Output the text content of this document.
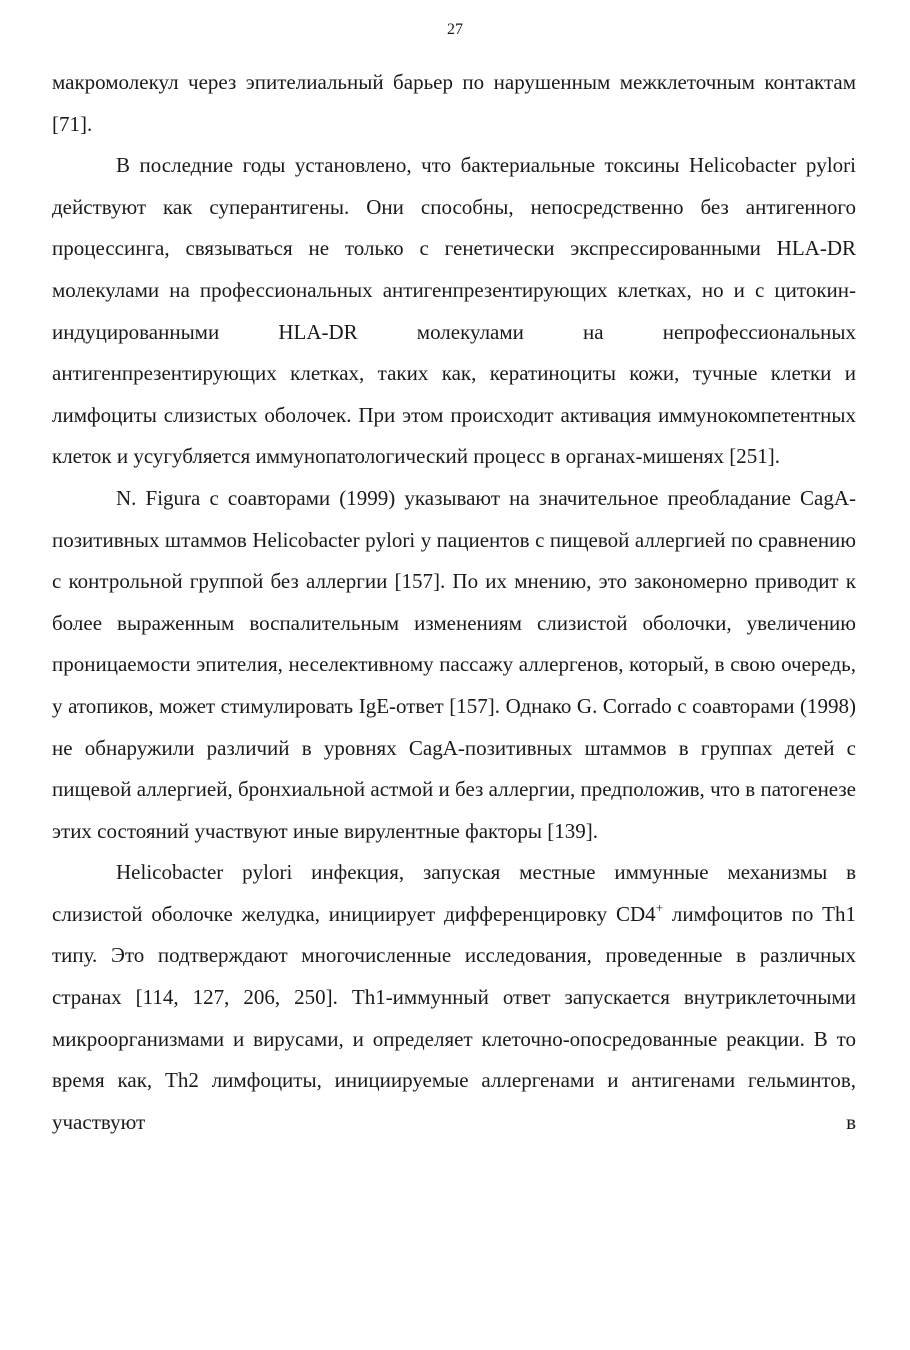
27

макромолекул через эпителиальный барьер по нарушенным межклеточным контактам [71].

В последние годы установлено, что бактериальные токсины Helicobacter pylori действуют как суперантигены. Они способны, непосредственно без антигенного процессинга, связываться не только с генетически экспрессированными HLA-DR молекулами на профессиональных антигенпрезентирующих клетках, но и с цитокин-индуцированными HLA-DR молекулами на непрофессиональных антигенпрезентирующих клетках, таких как, кератиноциты кожи, тучные клетки и лимфоциты слизистых оболочек. При этом происходит активация иммунокомпетентных клеток и усугубляется иммунопатологический процесс в органах-мишенях [251].

N. Figura с соавторами (1999) указывают на значительное преобладание CagA-позитивных штаммов Helicobacter pylori у пациентов с пищевой аллергией по сравнению с контрольной группой без аллергии [157]. По их мнению, это закономерно приводит к более выраженным воспалительным изменениям слизистой оболочки, увеличению проницаемости эпителия, неселективному пассажу аллергенов, который, в свою очередь, у атопиков, может стимулировать IgE-ответ [157]. Однако G. Corrado с соавторами (1998) не обнаружили различий в уровнях CagA-позитивных штаммов в группах детей с пищевой аллергией, бронхиальной астмой и без аллергии, предположив, что в патогенезе этих состояний участвуют иные вирулентные факторы [139].

Helicobacter pylori инфекция, запуская местные иммунные механизмы в слизистой оболочке желудка, инициирует дифференцировку CD4+ лимфоцитов по Th1 типу. Это подтверждают многочисленные исследования, проведенные в различных странах [114, 127, 206, 250]. Th1-иммунный ответ запускается внутриклеточными микроорганизмами и вирусами, и определяет клеточно-опосредованные реакции. В то время как, Th2 лимфоциты, инициируемые аллергенами и антигенами гельминтов, участвуют в
